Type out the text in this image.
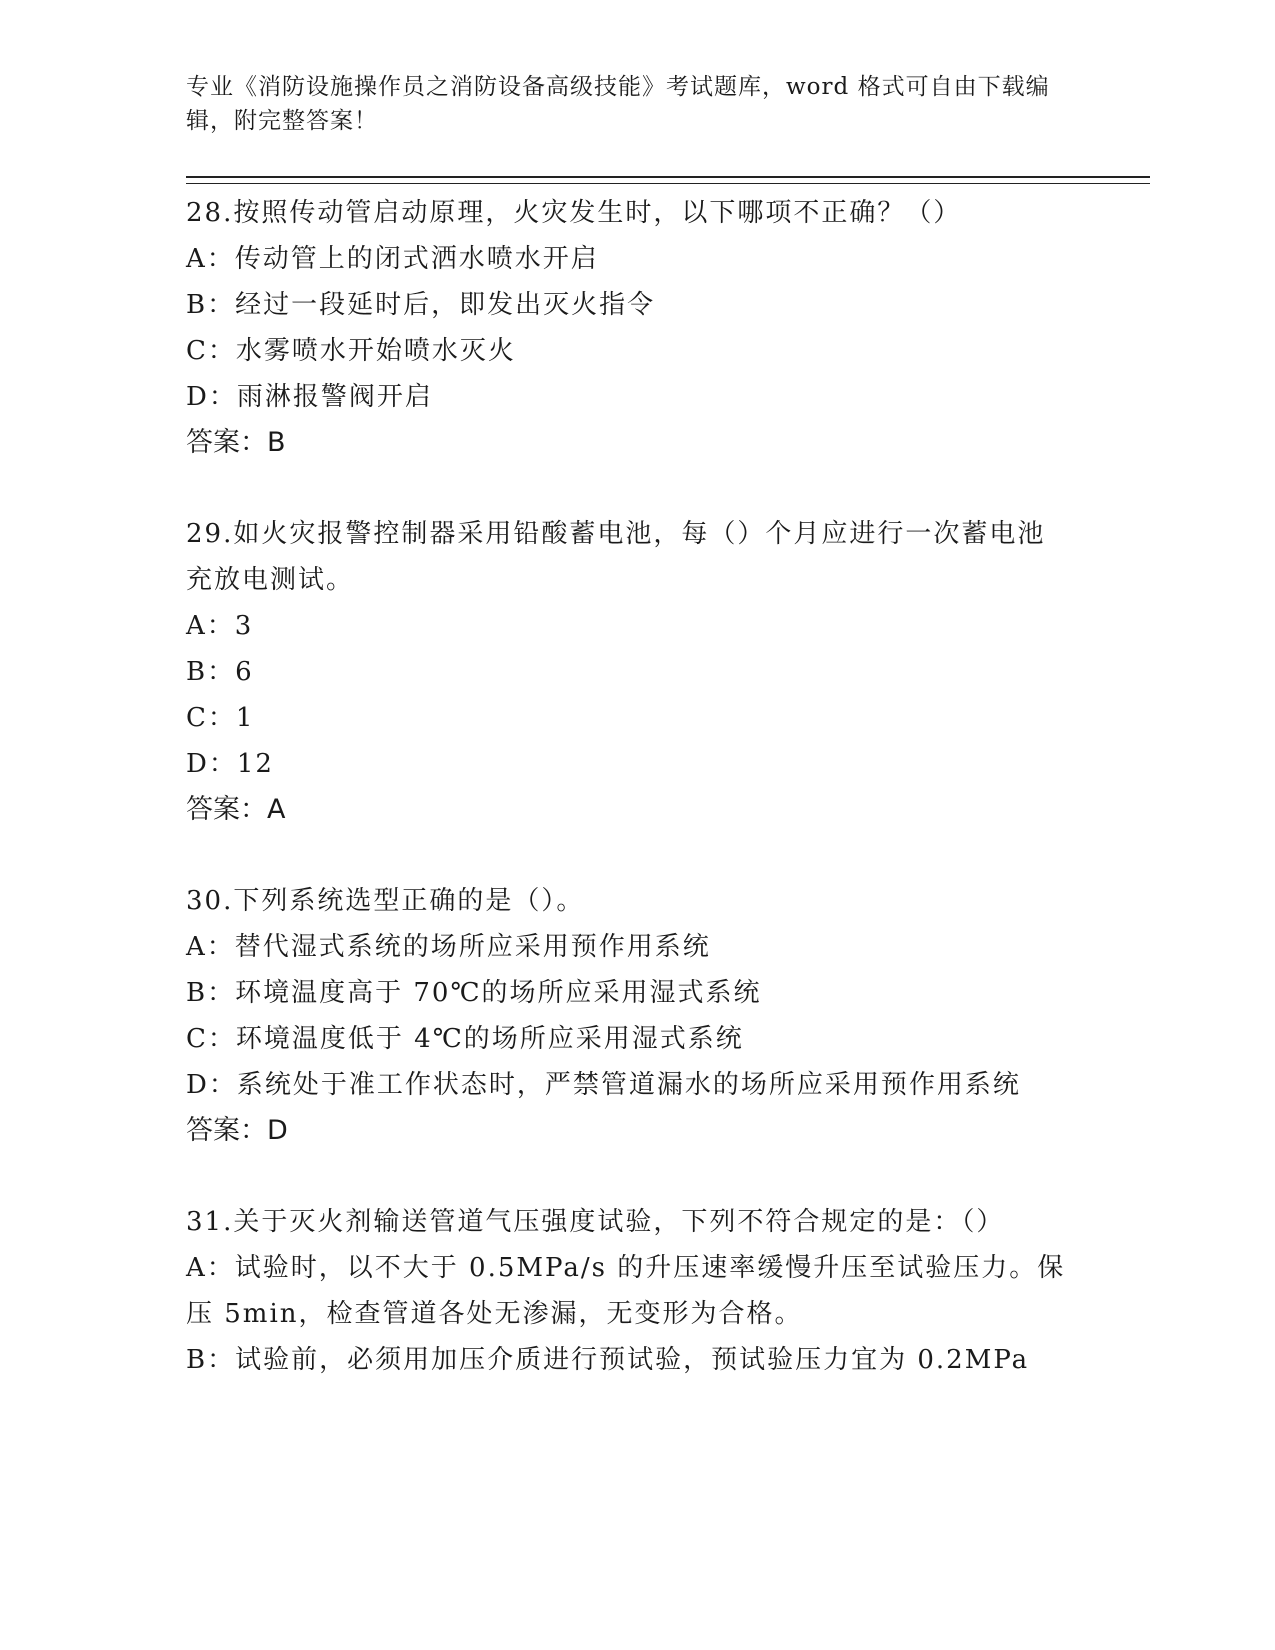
专业《消防设施操作员之消防设备高级技能》考试题库，word 格式可自由下载编辑，附完整答案！

28.按照传动管启动原理，火灾发生时，以下哪项不正确？（）

A：传动管上的闭式洒水喷水开启

B：经过一段延时后，即发出灭火指令

C：水雾喷水开始喷水灭火

D：雨淋报警阀开启

答案：B

29.如火灾报警控制器采用铅酸蓄电池，每（）个月应进行一次蓄电池

充放电测试。

A：3

B：6

C：1

D：12

答案：A

30.下列系统选型正确的是（）。

A：替代湿式系统的场所应采用预作用系统

B：环境温度高于 70℃的场所应采用湿式系统

C：环境温度低于 4℃的场所应采用湿式系统

D：系统处于准工作状态时，严禁管道漏水的场所应采用预作用系统

答案：D

31.关于灭火剂输送管道气压强度试验，下列不符合规定的是：（）

A：试验时，以不大于 0.5MPa/s 的升压速率缓慢升压至试验压力。保

压 5min，检查管道各处无渗漏，无变形为合格。

B：试验前，必须用加压介质进行预试验，预试验压力宜为 0.2MPa
